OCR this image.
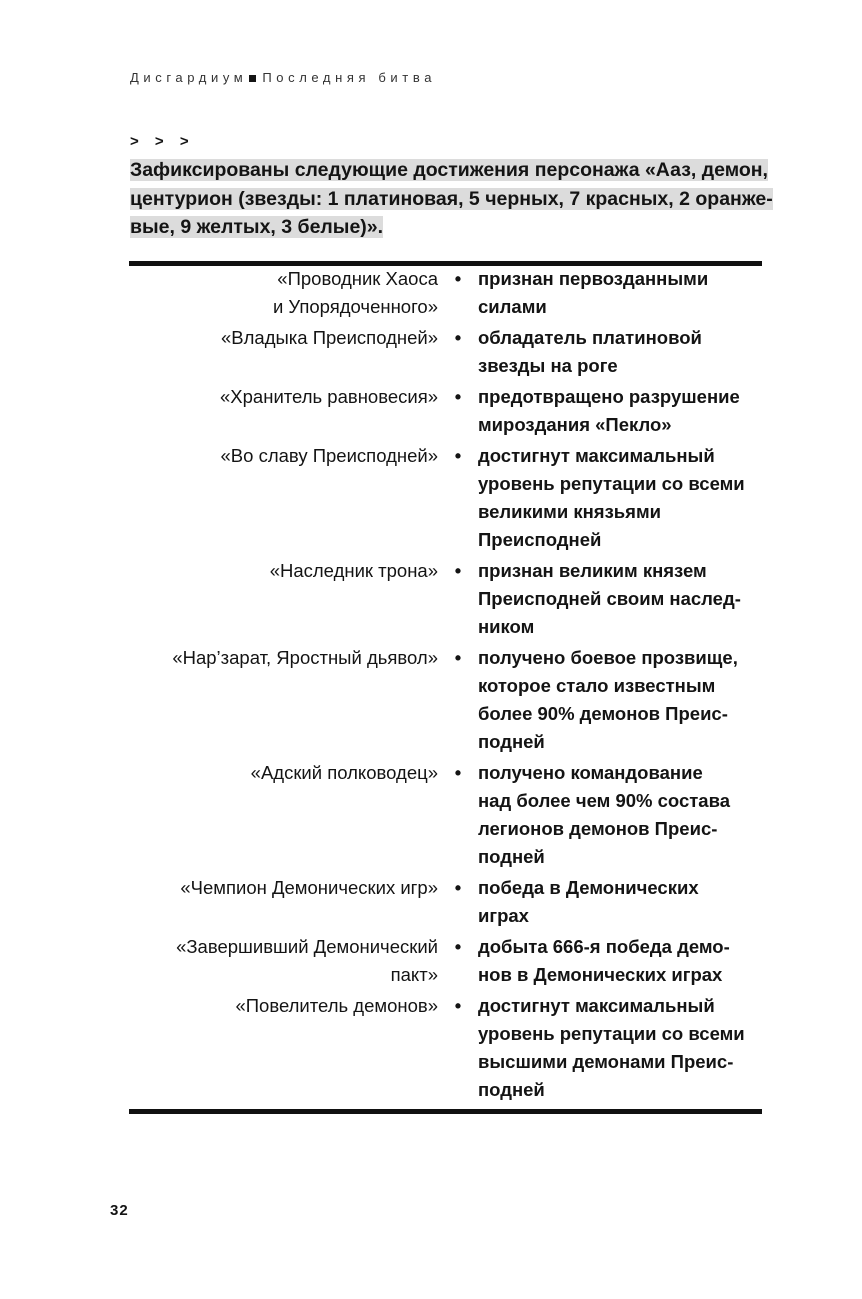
Дисгардиум Последняя битва
> > >
Зафиксированы следующие достижения персонажа «Ааз, демон,
центурион (звезды: 1 платиновая, 5 черных, 7 красных, 2 оранже-
вые, 9 желтых, 3 белые)».
«Проводник Хаоса
и Упорядоченного»
• признан первозданными
силами
«Владыка Преисподней» • обладатель платиновой
звезды на роге
«Хранитель равновесия» • предотвращено разрушение
мироздания «Пекло»
«Во славу Преисподней» • достигнут максимальный
уровень репутации со всеми
великими князьями
Преисподней
«Наследник трона» • признан великим князем
Преисподней своим наслед-
ником
«Нар’зарат, Яростный дьявол» • получено боевое прозвище,
которое стало известным
более 90% демонов Преис-
подней
«Адский полководец» • получено командование
над более чем 90% состава
легионов демонов Преис-
подней
«Чемпион Демонических игр» • победа в Демонических
играх
«Завершивший Демонический
пакт»
• добыта 666-я победа демо-
нов в Демонических играх
«Повелитель демонов» • достигнут максимальный
уровень репутации со всеми
высшими демонами Преис-
подней
32
